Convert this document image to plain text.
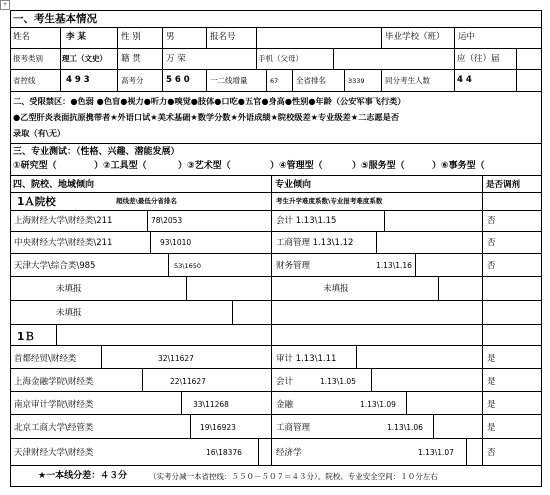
+
一、考生基本情况
姓名	李 某	性 别	男	报名号	毕业学校（班） 运中
报考类别	理工（文史） 籍 贯	万 荣	手机（父母）	应（往）届
省控线	4 9 3	高考分	5 6 0	一二线增量	67 全省排名	3339	同分考生人数	4 4
二、受限禁区：●色弱 ●色盲●视力●听力●嗅觉●肢体●口吃●五官●身高●性别●年龄（公安军事飞行类）
●乙型肝炎表面抗原携带者★外语口试★美术基础★数学分数★外语成绩★院校级差★专业级差★二志愿是否
录取（有\无）
三、专业测试：（性格、兴趣、潜能发展）
①研究型（	）②工具型（	）③艺术型（	）④管理型（	）⑤服务型（	）⑥事务型（
四、院校、地域倾向	专业倾向	是否调剂
1Ａ院校	超线差\最低分省排名	考生升学难度系数\专业报考难度系数
上海财经大学\财经类\211	78\2053	会计 1.13\1.15	否
中央财经大学\财经类\211	93\1010	工商管理 1.13\1.12	否
天津大学\综合类\985	53\1650	财务管理	1.13\1.16	否
未填报	未填报
未填报
1Ｂ
首都经贸\财经类	32\11627	审计 1.13\1.11	是
上海金融学院\财经类	22\11627	会计	1.13\1.05	是
南京审计学院\财经类	33\11268	金融	1.13\1.09	是
北京工商大学\经管类	19\16923	工商管理	1.13\1.06	是
天津财经大学\财经类	16\18376	经济学	1.13\1.07	否
★一本线分差：４３分	（实考分减一本省控线：５５０－５０７＝４３分）。院校、专业安全空间：１０分左右
